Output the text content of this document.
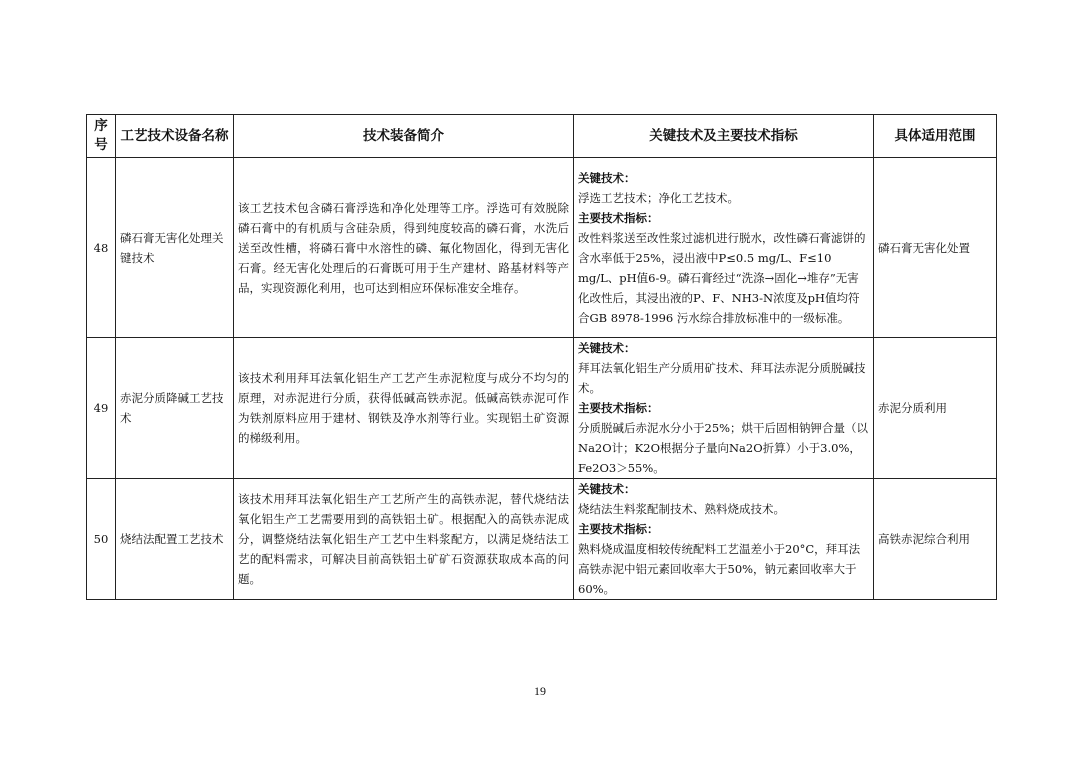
序号	工艺技术设备名称	技术装备简介	关键技术及主要技术指标	具体适用范围
48	磷石膏无害化处理关键技术	该工艺技术包含磷石膏浮选和净化处理等工序。浮选可有效脱除磷石膏中的有机质与含硅杂质，得到纯度较高的磷石膏，水洗后送至改性槽，将磷石膏中水溶性的磷、氟化物固化，得到无害化石膏。经无害化处理后的石膏既可用于生产建材、路基材料等产品，实现资源化利用，也可达到相应环保标准安全堆存。	关键技术：
浮选工艺技术；净化工艺技术。
主要技术指标：
改性料浆送至改性浆过滤机进行脱水，改性磷石膏滤饼的含水率低于25%，浸出液中P≤0.5 mg/L、F≤10 mg/L、pH值6-9。磷石膏经过“洗涤→固化→堆存”无害化改性后，其浸出液的P、F、NH3-N浓度及pH值均符合GB 8978-1996 污水综合排放标准中的一级标准。	磷石膏无害化处置
49	赤泥分质降碱工艺技术	该技术利用拜耳法氧化铝生产工艺产生赤泥粒度与成分不均匀的原理，对赤泥进行分质，获得低碱高铁赤泥。低碱高铁赤泥可作为铁剂原料应用于建材、钢铁及净水剂等行业。实现铝土矿资源的梯级利用。	关键技术：
拜耳法氧化铝生产分质用矿技术、拜耳法赤泥分质脱碱技术。
主要技术指标：
分质脱碱后赤泥水分小于25%；烘干后固相钠钾合量（以Na2O计；K2O根据分子量向Na2O折算）小于3.0%，Fe2O3＞55%。	赤泥分质利用
50	烧结法配置工艺技术	该技术用拜耳法氧化铝生产工艺所产生的高铁赤泥，替代烧结法氧化铝生产工艺需要用到的高铁铝土矿。根据配入的高铁赤泥成分，调整烧结法氧化铝生产工艺中生料浆配方，以满足烧结法工艺的配料需求，可解决目前高铁铝土矿矿石资源获取成本高的问题。	关键技术：
烧结法生料浆配制技术、熟料烧成技术。
主要技术指标：
熟料烧成温度相较传统配料工艺温差小于20°C，拜耳法高铁赤泥中铝元素回收率大于50%，钠元素回收率大于60%。	高铁赤泥综合利用
19
